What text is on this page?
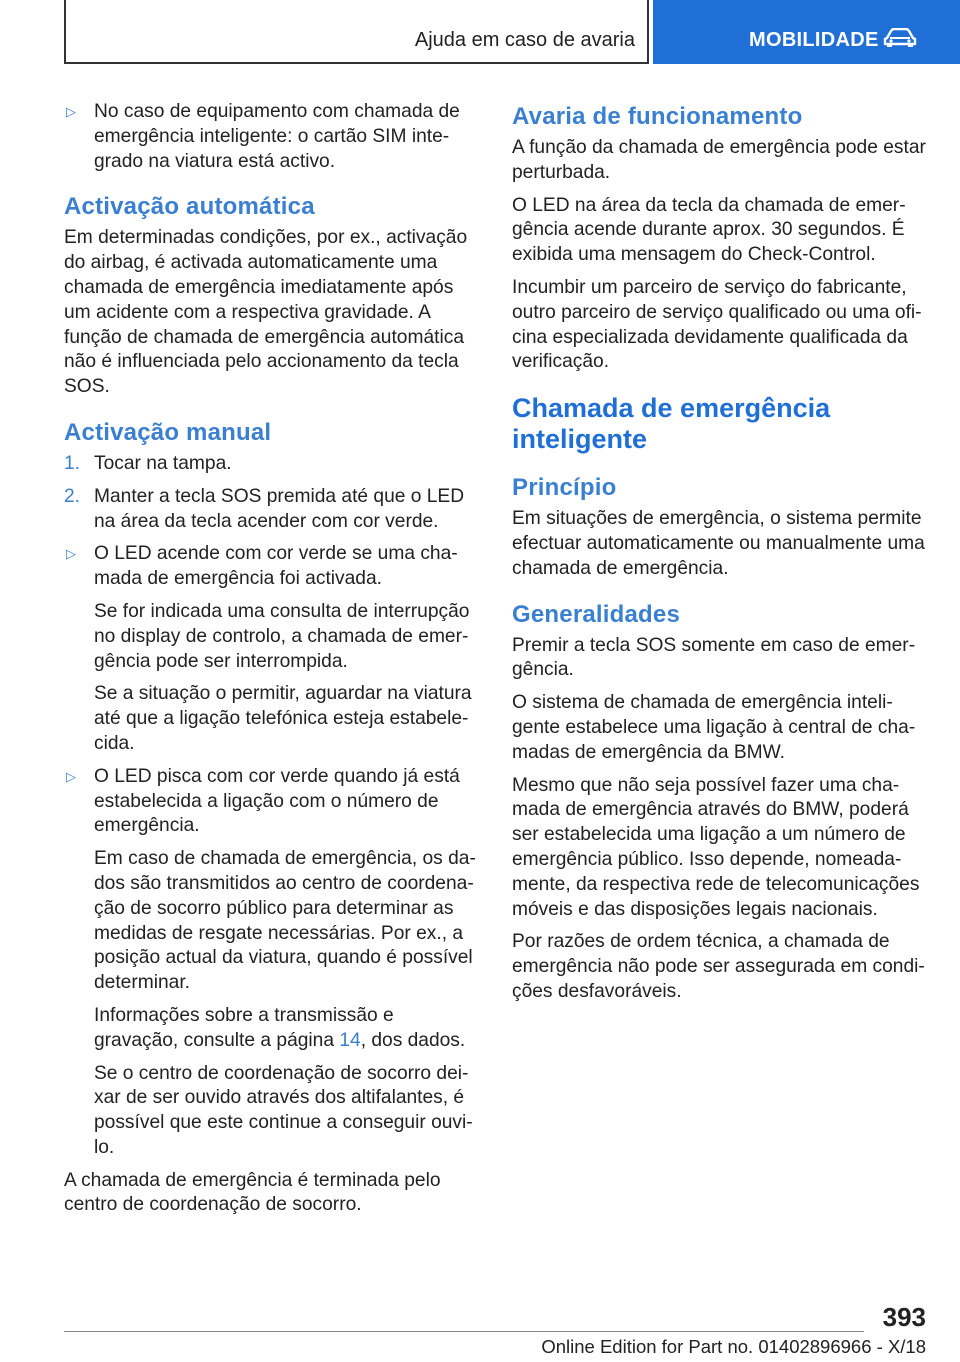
Ajuda em caso de avaria	MOBILIDADE
▷ No caso de equipamento com chamada de emergência inteligente: o cartão SIM integrado na viatura está activo.
Activação automática

Em determinadas condições, por ex., activação do airbag, é activada automaticamente uma chamada de emergência imediatamente após um acidente com a respectiva gravidade. A função de chamada de emergência automática não é influenciada pelo accionamento da tecla SOS.

Activação manual
1. Tocar na tampa.
2. Manter a tecla SOS premida até que o LED na área da tecla acender com cor verde.
▷ O LED acende com cor verde se uma chamada de emergência foi activada.
Se for indicada uma consulta de interrupção no display de controlo, a chamada de emergência pode ser interrompida.
Se a situação o permitir, aguardar na viatura até que a ligação telefónica esteja estabelecida.
▷ O LED pisca com cor verde quando já está estabelecida a ligação com o número de emergência.
Em caso de chamada de emergência, os dados são transmitidos ao centro de coordenação de socorro público para determinar as medidas de resgate necessárias. Por ex., a posição actual da viatura, quando é possível determinar.
Informações sobre a transmissão e gravação, consulte a página 14, dos dados.
Se o centro de coordenação de socorro deixar de ser ouvido através dos altifalantes, é possível que este continue a conseguir ouvi-lo.

A chamada de emergência é terminada pelo centro de coordenação de socorro.

Avaria de funcionamento

A função da chamada de emergência pode estar perturbada.

O LED na área da tecla da chamada de emergência acende durante aprox. 30 segundos. É exibida uma mensagem do Check-Control.

Incumbir um parceiro de serviço do fabricante, outro parceiro de serviço qualificado ou uma oficina especializada devidamente qualificada da verificação.

Chamada de emergência inteligente
Princípio

Em situações de emergência, o sistema permite efectuar automaticamente ou manualmente uma chamada de emergência.

Generalidades

Premir a tecla SOS somente em caso de emergência.

O sistema de chamada de emergência inteligente estabelece uma ligação à central de chamadas de emergência da BMW.

Mesmo que não seja possível fazer uma chamada de emergência através do BMW, poderá ser estabelecida uma ligação a um número de emergência público. Isso depende, nomeadamente, da respectiva rede de telecomunicações móveis e das disposições legais nacionais.

Por razões de ordem técnica, a chamada de emergência não pode ser assegurada em condições desfavoráveis.

393
Online Edition for Part no. 01402896966 - X/18
